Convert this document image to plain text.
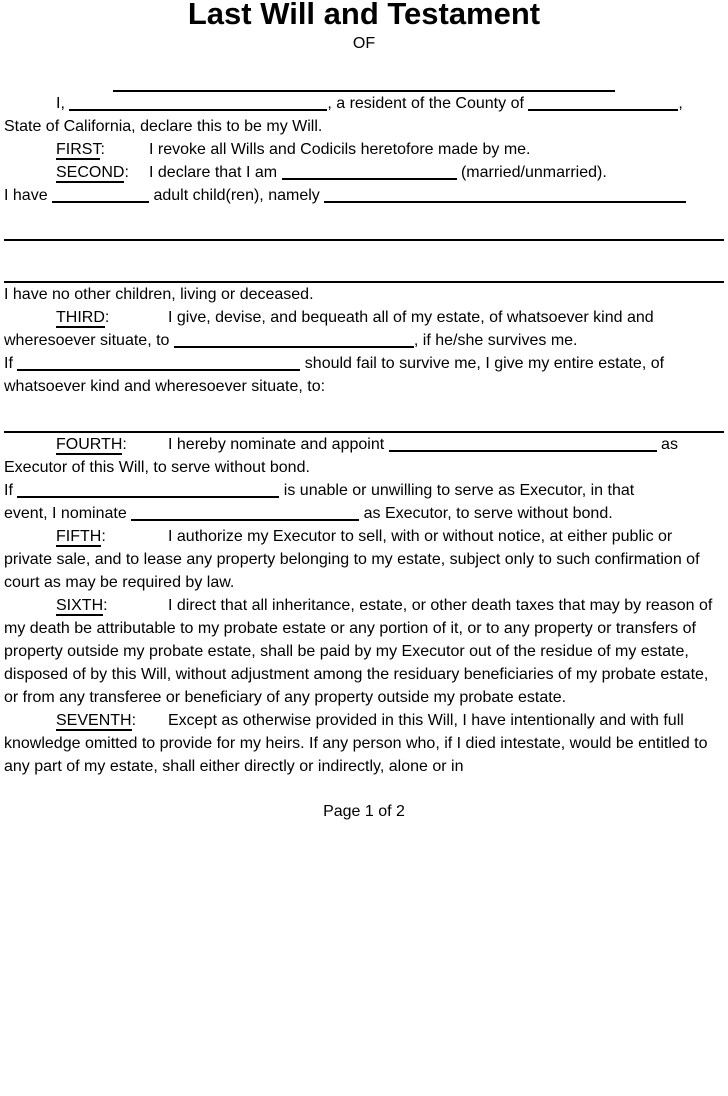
Last Will and Testament
OF

I,	, a resident of the County of	, State of California, declare this to be my Will.

FIRST:	I revoke all Wills and Codicils heretofore made by me.

SECOND: I declare that I am	(married/unmarried).

I have	adult child(ren), namely

I have no other children, living or deceased.

THIRD:	I give, devise, and bequeath all of my estate, of whatsoever kind and wheresoever situate, to	, if he/she survives me.

If	should fail to survive me, I give my entire estate, of whatsoever kind and wheresoever situate, to:

FOURTH:	I hereby nominate and appoint	as Executor of this Will, to serve without bond.

If	is unable or unwilling to serve as Executor, in that

event, I nominate	as Executor, to serve without bond.

FIFTH:	I authorize my Executor to sell, with or without notice, at either public or private sale, and to lease any property belonging to my estate, subject only to such confirmation of court as may be required by law.

SIXTH:	I direct that all inheritance, estate, or other death taxes that may by reason of my death be attributable to my probate estate or any portion of it, or to any property or transfers of property outside my probate estate, shall be paid by my Executor out of the residue of my estate, disposed of by this Will, without adjustment among the residuary beneficiaries of my probate estate, or from any transferee or beneficiary of any property outside my probate estate.

SEVENTH: Except as otherwise provided in this Will, I have intentionally and with full knowledge omitted to provide for my heirs. If any person who, if I died intestate, would be entitled to any part of my estate, shall either directly or indirectly, alone or in

Page 1 of 2
